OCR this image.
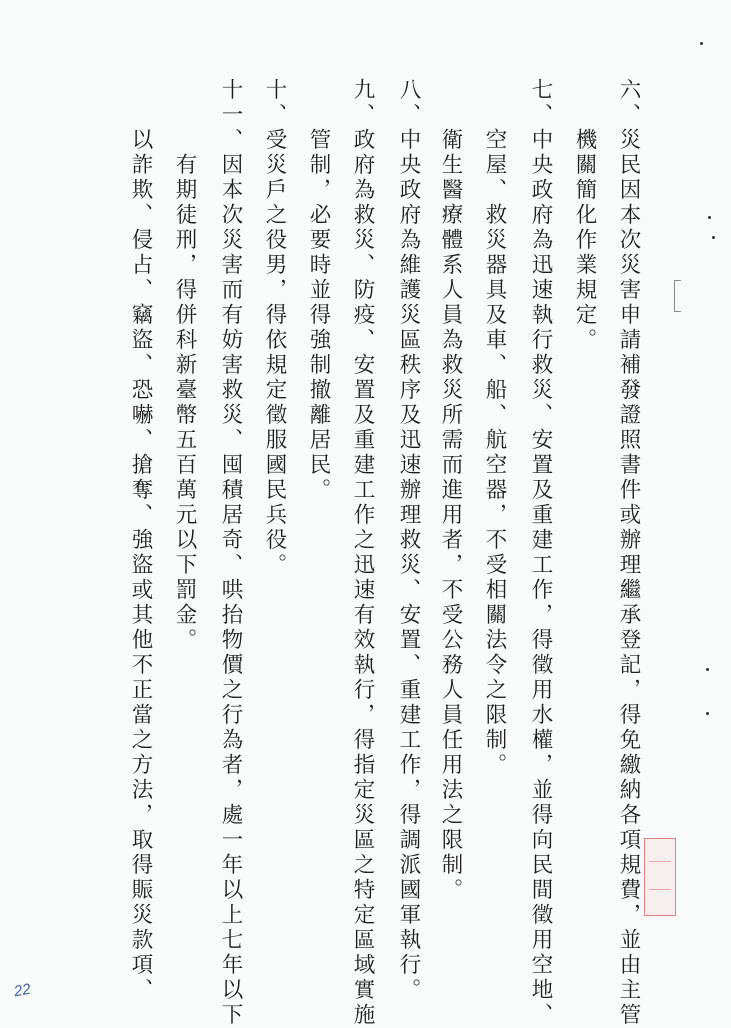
六、災民因本次災害申請補發證照書件或辦理繼承登記，得免繳納各項規費，並由主管
　　機關簡化作業規定。
七、中央政府為迅速執行救災、安置及重建工作，得徵用水權，並得向民間徵用空地、
　　空屋、救災器具及車、船、航空器，不受相關法令之限制。
八、中央政府為維護災區秩序及迅速辦理救災、安置、重建工作，得調派國軍執行。 　　衛生醫療體系人員為救災所需而進用者，不受公務人員任用法之限制。
九、政府為救災、防疫、安置及重建工作之迅速有效執行，得指定災區之特定區域實施
　　管制，必要時並得強制撤離居民。
十、受災戶之役男，得依規定徵服國民兵役。
十一、因本次災害而有妨害救災、囤積居奇、哄抬物價之行為者，處一年以上七年以下
　　　有期徒刑，得併科新臺幣五百萬元以下罰金。
　　以詐欺、侵占、竊盜、恐嚇、搶奪、強盜或其他不正當之方法，取得賑災款項、
22
